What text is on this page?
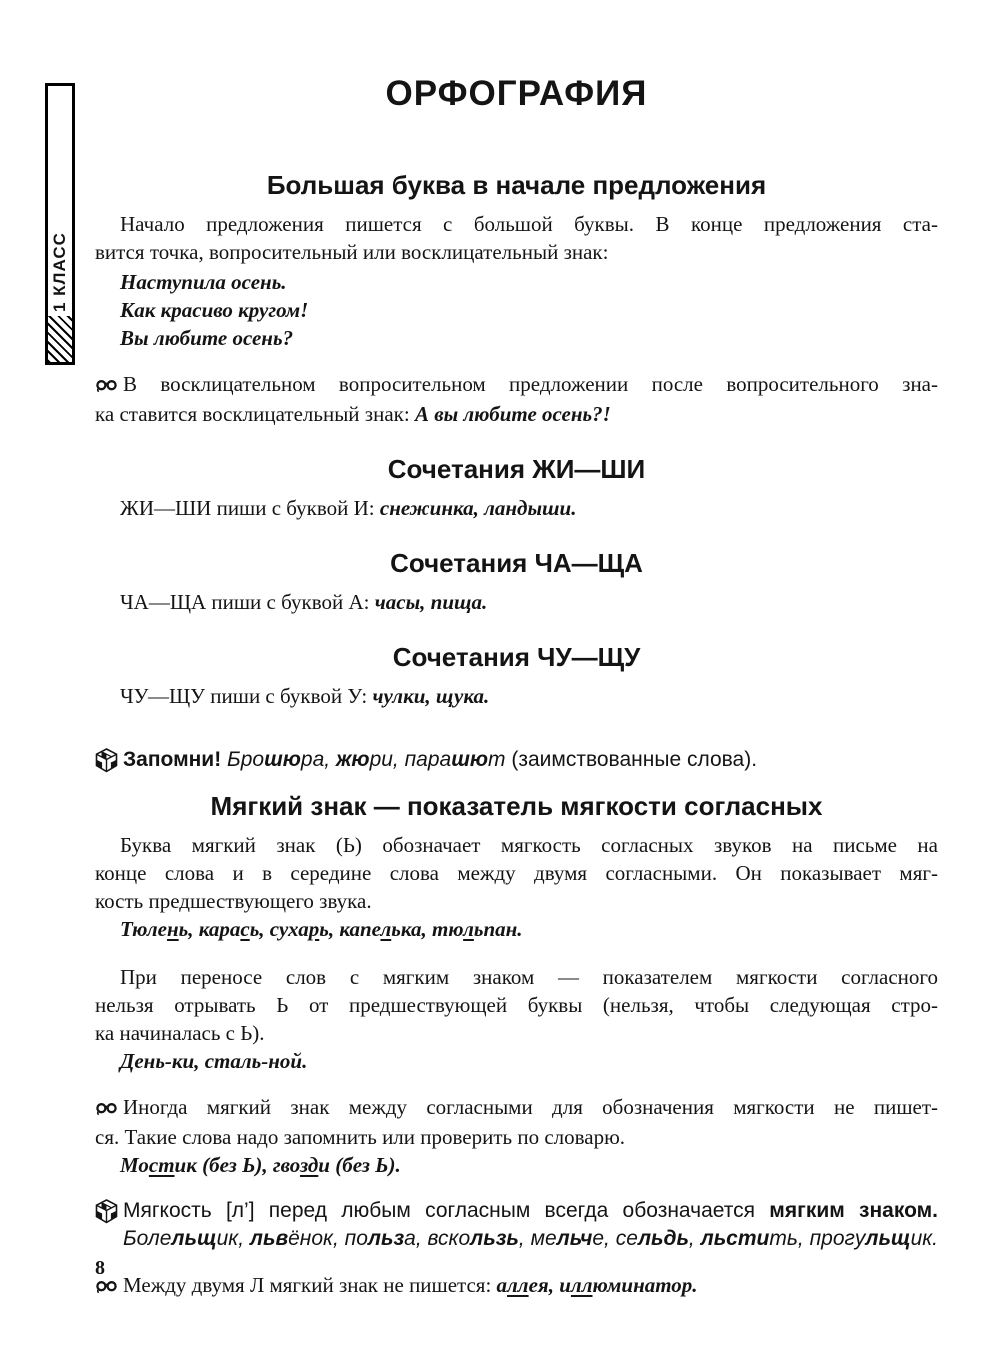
1 КЛАСС
ОРФОГРАФИЯ
Большая буква в начале предложения

Начало предложения пишется с большой буквы. В конце предложения ста-
вится точка, вопросительный или восклицательный знак:

Наступила осень.

Как красиво кругом!

Вы любите осень?

В восклицательном вопросительном предложении после вопросительного зна-
ка ставится восклицательный знак: А вы любите осень?!

Сочетания ЖИ—ШИ

ЖИ—ШИ пиши с буквой И: снежинка, ландыши.

Сочетания ЧА—ЩА

ЧА—ЩА пиши с буквой А: часы, пища.

Сочетания ЧУ—ЩУ

ЧУ—ЩУ пиши с буквой У: чулки, щука.

Запомни! Брошюра, жюри, парашют (заимствованные слова).

Мягкий знак — показатель мягкости согласных

Буква мягкий знак (Ь) обозначает мягкость согласных звуков на письме на
конце слова и в середине слова между двумя согласными. Он показывает мяг-
кость предшествующего звука.

Тюлень, карась, сухарь, капелька, тюльпан.

При переносе слов с мягким знаком — показателем мягкости согласного
нельзя отрывать Ь от предшествующей буквы (нельзя, чтобы следующая стро-
ка начиналась с Ь).

День-ки, сталь-ной.

Иногда мягкий знак между согласными для обозначения мягкости не пишет-
ся. Такие слова надо запомнить или проверить по словарю.

Мостик (без Ь), гвозди (без Ь).

Мягкость [л’] перед любым согласным всегда обозначается мягким знаком.
Болельщик, львёнок, польза, вскользь, мельче, сельдь, льстить, прогульщик.

Между двумя Л мягкий знак не пишется: аллея, иллюминатор.

8
